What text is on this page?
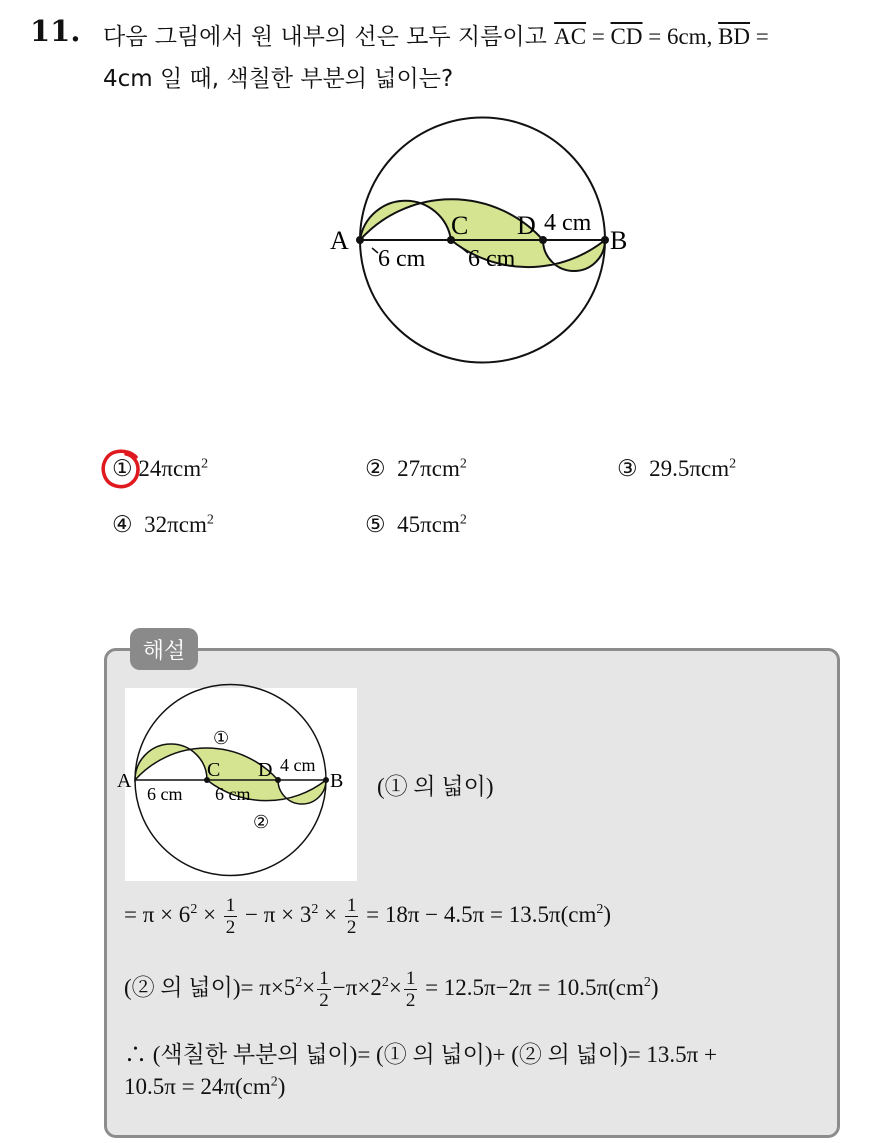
11. 다음 그림에서 원 내부의 선은 모두 지름이고 $\overline{AC} = \overline{CD} = 6cm$, $\overline{BD}$ =
4cm 일 때, 색칠한 부분의 넓이는?
A	B
C D 4 cm
6 cm 6 cm
① 24πcm$^2$	② 27πcm$^2$	③ 29.5πcm$^2$
④ 32πcm$^2$	⑤ 45πcm$^2$
해설
A	B
C D 4 cm
6 cm 6 cm
①
②
(① 의 넓이)
= $\pi \times 6^2 \times \frac{1}{2} - \pi \times 3^2 \times \frac{1}{2} = 18\pi - 4.5\pi = 13.5\pi(cm^2)$
(② 의 넓이)= $\pi\times 5^2\times \frac{1}{2} -\pi\times 2^2\times \frac{1}{2} = 12.5\pi-2\pi = 10.5\pi(cm^2)$
∴ (색칠한 부분의 넓이)= (① 의 넓이)+ (② 의 넓이)= 13.5π +
$10.5\pi = 24\pi(cm^2)$
